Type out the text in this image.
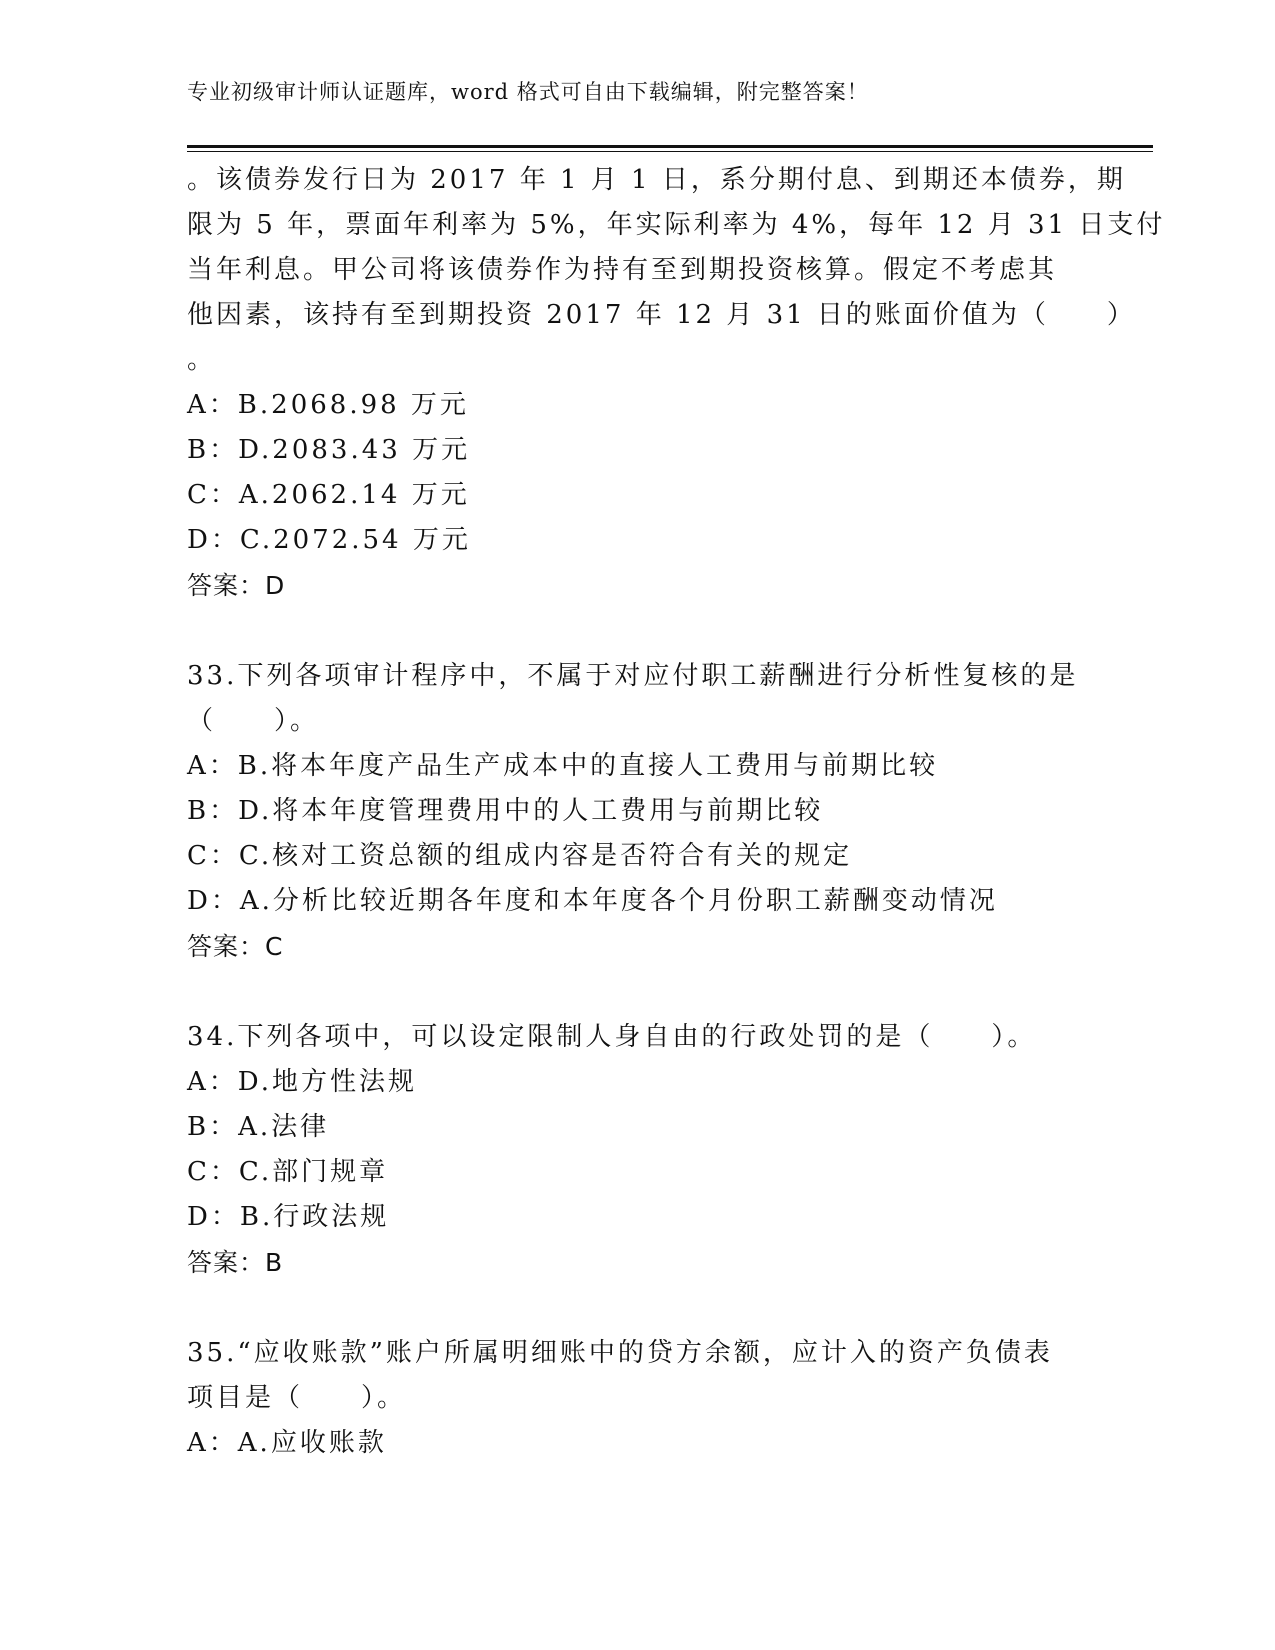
专业初级审计师认证题库，word 格式可自由下载编辑，附完整答案！
。该债券发行日为 2017 年 1 月 1 日，系分期付息、到期还本债券，期
限为 5 年，票面年利率为 5%，年实际利率为 4%，每年 12 月 31 日支付
当年利息。甲公司将该债券作为持有至到期投资核算。假定不考虑其
他因素，该持有至到期投资 2017 年 12 月 31 日的账面价值为（　　）
。
A：B.2068.98 万元
B：D.2083.43 万元
C：A.2062.14 万元
D：C.2072.54 万元
答案：D
33.下列各项审计程序中，不属于对应付职工薪酬进行分析性复核的是
（　　）。
A：B.将本年度产品生产成本中的直接人工费用与前期比较
B：D.将本年度管理费用中的人工费用与前期比较
C：C.核对工资总额的组成内容是否符合有关的规定
D：A.分析比较近期各年度和本年度各个月份职工薪酬变动情况
答案：C
34.下列各项中，可以设定限制人身自由的行政处罚的是（　　）。
A：D.地方性法规
B：A.法律
C：C.部门规章
D：B.行政法规
答案：B
35.“应收账款”账户所属明细账中的贷方余额，应计入的资产负债表
项目是（　　）。
A：A.应收账款
